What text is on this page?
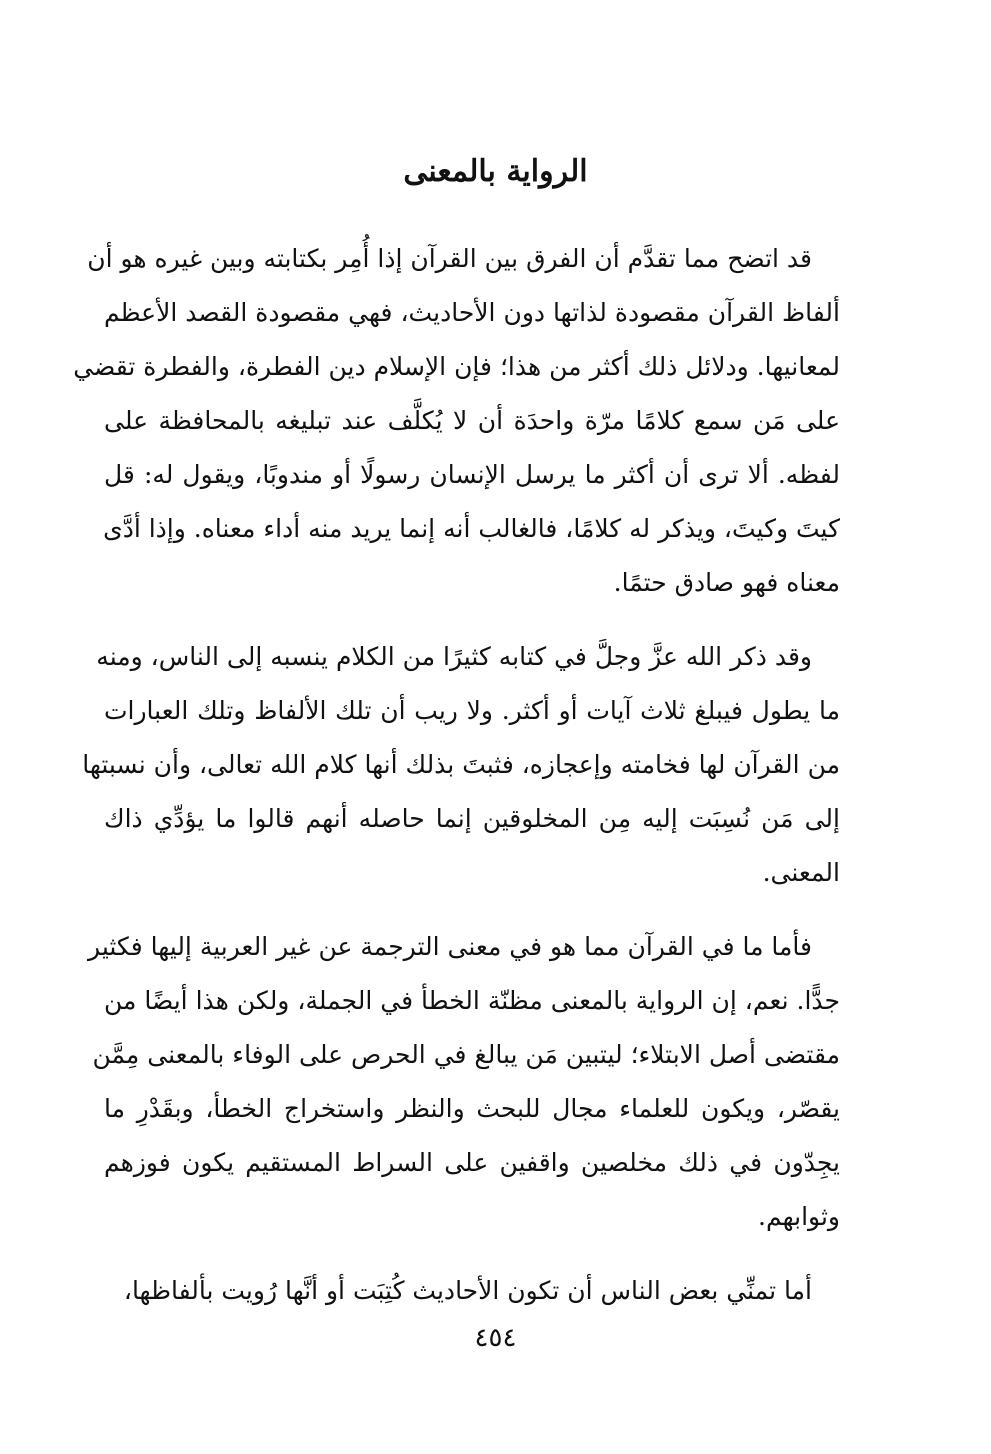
الرواية بالمعنى
قد اتضح مما تقدَّم أن الفرق بين القرآن إذا أُمِر بكتابته وبين غيره هو أن
ألفاظ القرآن مقصودة لذاتها دون الأحاديث، فهي مقصودة القصد الأعظم
لمعانيها. ودلائل ذلك أكثر من هذا؛ فإن الإسلام دين الفطرة، والفطرة تقضي
على مَن سمع كلامًا مرّة واحدَة أن لا يُكلَّف عند تبليغه بالمحافظة على
لفظه. ألا ترى أن أكثر ما يرسل الإنسان رسولًا أو مندوبًا، ويقول له: قل
كيتَ وكيتَ، ويذكر له كلامًا، فالغالب أنه إنما يريد منه أداء معناه. وإذا أدَّى
معناه فهو صادق حتمًا.
وقد ذكر الله عزَّ وجلَّ في كتابه كثيرًا من الكلام ينسبه إلى الناس، ومنه
ما يطول فيبلغ ثلاث آيات أو أكثر. ولا ريب أن تلك الألفاظ وتلك العبارات
من القرآن لها فخامته وإعجازه، فثبتَ بذلك أنها كلام الله تعالى، وأن نسبتها
إلى مَن نُسِبَت إليه مِن المخلوقين إنما حاصله أنهم قالوا ما يؤدِّي ذاك
المعنى.
فأما ما في القرآن مما هو في معنى الترجمة عن غير العربية إليها فكثير
جدًّا. نعم، إن الرواية بالمعنى مظنّة الخطأ في الجملة، ولكن هذا أيضًا من
مقتضى أصل الابتلاء؛ ليتبين مَن يبالغ في الحرص على الوفاء بالمعنى مِمَّن
يقصّر، ويكون للعلماء مجال للبحث والنظر واستخراج الخطأ، وبقَدْرِ ما
يجِدّون في ذلك مخلصين واقفين على السراط المستقيم يكون فوزهم
وثوابهم.
أما تمنِّي بعض الناس أن تكون الأحاديث كُتِبَت أو أنَّها رُويت بألفاظها،
٤٥٤
